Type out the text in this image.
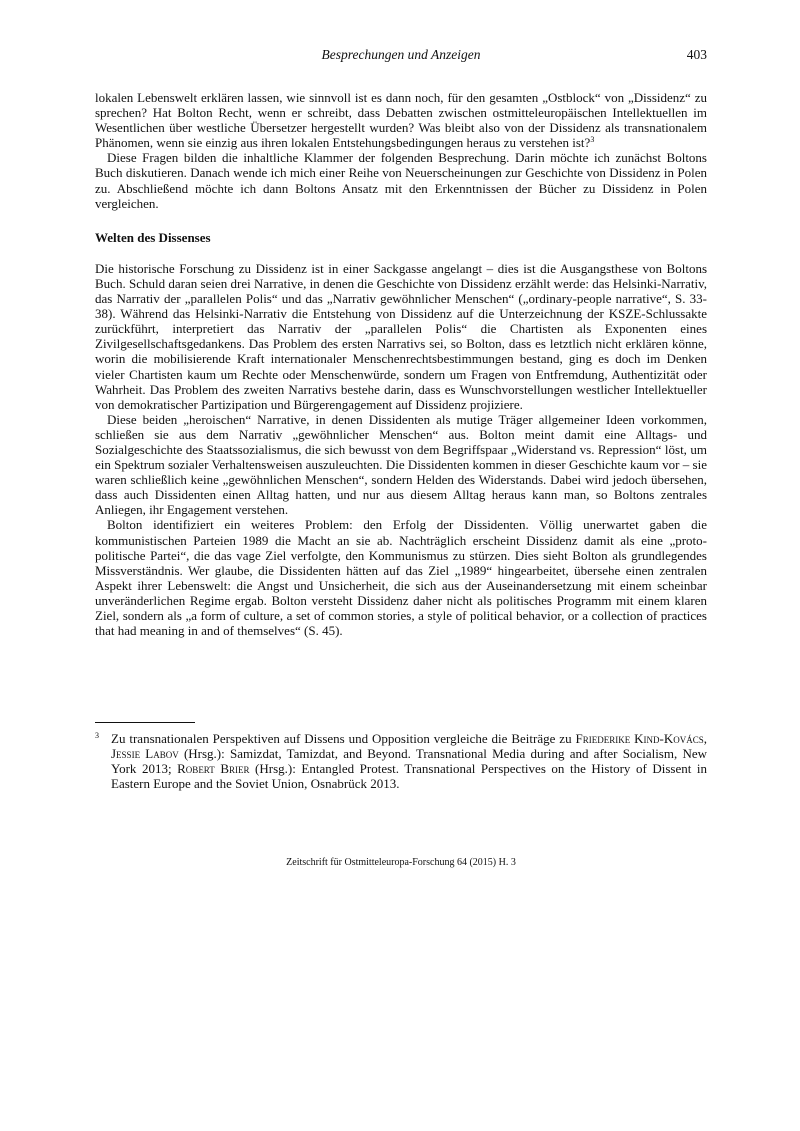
Besprechungen und Anzeigen	403

lokalen Lebenswelt erklären lassen, wie sinnvoll ist es dann noch, für den gesamten „Ostblock“ von „Dissidenz“ zu sprechen? Hat Bolton Recht, wenn er schreibt, dass Debatten zwischen ostmitteleuropäischen Intellektuellen im Wesentlichen über westliche Übersetzer hergestellt wurden? Was bleibt also von der Dissidenz als transnationalem Phänomen, wenn sie einzig aus ihren lokalen Entstehungsbedingungen heraus zu verstehen ist?$^3$

Diese Fragen bilden die inhaltliche Klammer der folgenden Besprechung. Darin möchte ich zunächst Boltons Buch diskutieren. Danach wende ich mich einer Reihe von Neuerscheinungen zur Geschichte von Dissidenz in Polen zu. Abschließend möchte ich dann Boltons Ansatz mit den Erkenntnissen der Bücher zu Dissidenz in Polen vergleichen.

Welten des Dissenses

Die historische Forschung zu Dissidenz ist in einer Sackgasse angelangt – dies ist die Ausgangsthese von Boltons Buch. Schuld daran seien drei Narrative, in denen die Geschichte von Dissidenz erzählt werde: das Helsinki-Narrativ, das Narrativ der „parallelen Polis“ und das „Narrativ gewöhnlicher Menschen“ („ordinary-people narrative“, S. 33-38). Während das Helsinki-Narrativ die Entstehung von Dissidenz auf die Unterzeichnung der KSZE-Schlussakte zurückführt, interpretiert das Narrativ der „parallelen Polis“ die Chartisten als Exponenten eines Zivilgesellschaftsgedankens. Das Problem des ersten Narrativs sei, so Bolton, dass es letztlich nicht erklären könne, worin die mobilisierende Kraft internationaler Menschenrechtsbestimmungen bestand, ging es doch im Denken vieler Chartisten kaum um Rechte oder Menschenwürde, sondern um Fragen von Entfremdung, Authentizität oder Wahrheit. Das Problem des zweiten Narrativs bestehe darin, dass es Wunschvorstellungen westlicher Intellektueller von demokratischer Partizipation und Bürgerengagement auf Dissidenz projiziere.

Diese beiden „heroischen“ Narrative, in denen Dissidenten als mutige Träger allgemeiner Ideen vorkommen, schließen sie aus dem Narrativ „gewöhnlicher Menschen“ aus. Bolton meint damit eine Alltags- und Sozialgeschichte des Staatssozialismus, die sich bewusst von dem Begriffspaar „Widerstand vs. Repression“ löst, um ein Spektrum sozialer Verhaltensweisen auszuleuchten. Die Dissidenten kommen in dieser Geschichte kaum vor – sie waren schließlich keine „gewöhnlichen Menschen“, sondern Helden des Widerstands. Dabei wird jedoch übersehen, dass auch Dissidenten einen Alltag hatten, und nur aus diesem Alltag heraus kann man, so Boltons zentrales Anliegen, ihr Engagement verstehen.

Bolton identifiziert ein weiteres Problem: den Erfolg der Dissidenten. Völlig unerwartet gaben die kommunistischen Parteien 1989 die Macht an sie ab. Nachträglich erscheint Dissidenz damit als eine „proto-politische Partei“, die das vage Ziel verfolgte, den Kommunismus zu stürzen. Dies sieht Bolton als grundlegendes Missverständnis. Wer glaube, die Dissidenten hätten auf das Ziel „1989“ hingearbeitet, übersehe einen zentralen Aspekt ihrer Lebenswelt: die Angst und Unsicherheit, die sich aus der Auseinandersetzung mit einem scheinbar unveränderlichen Regime ergab. Bolton versteht Dissidenz daher nicht als politisches Programm mit einem klaren Ziel, sondern als „a form of culture, a set of common stories, a style of political behavior, or a collection of practices that had meaning in and of themselves“ (S. 45).

3 Zu transnationalen Perspektiven auf Dissens und Opposition vergleiche die Beiträge zu Friederike Kind-Kovács, Jessie Labov (Hrsg.): Samizdat, Tamizdat, and Beyond. Transnational Media during and after Socialism, New York 2013; Robert Brier (Hrsg.): Entangled Protest. Transnational Perspectives on the History of Dissent in Eastern Europe and the Soviet Union, Osnabrück 2013.
Zeitschrift für Ostmitteleuropa-Forschung 64 (2015) H. 3
